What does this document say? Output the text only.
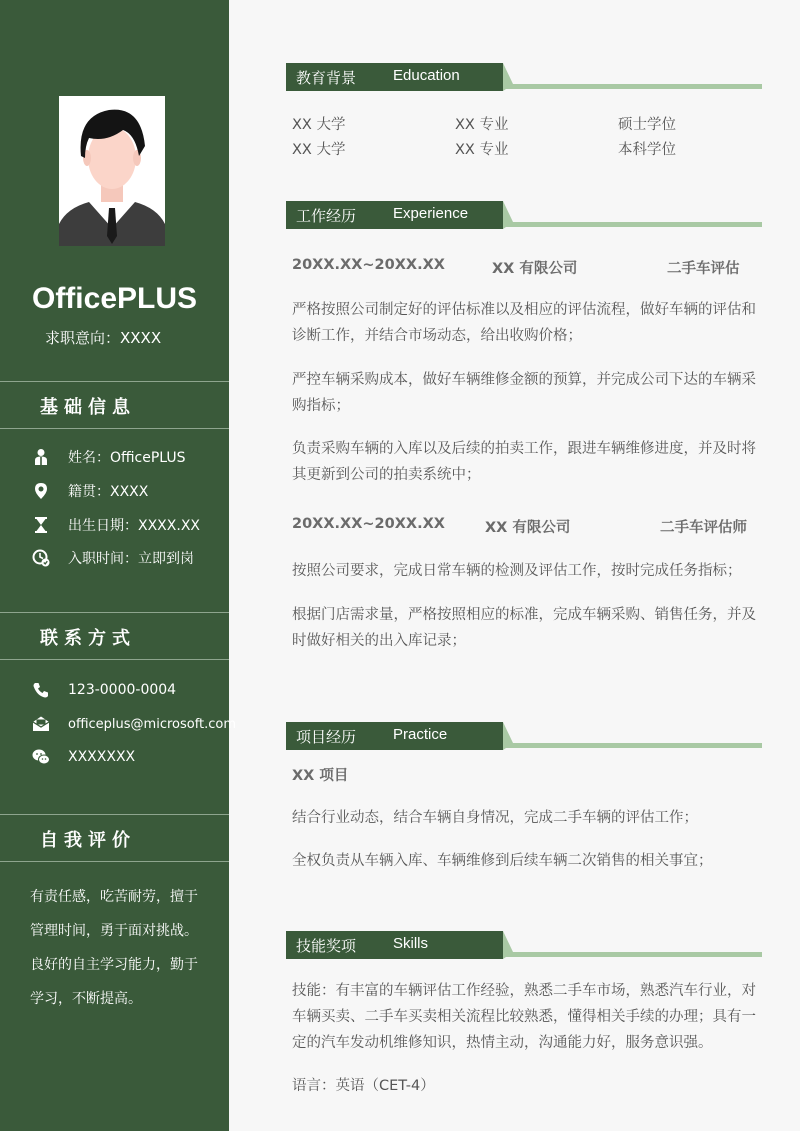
OfficePLUS
求职意向：XXXX
基础信息
姓名：OfficePLUS
籍贯：XXXX
出生日期：XXXX.XX
入职时间：立即到岗
联系方式
123-0000-0004
officeplus@microsoft.com
XXXXXXX
自我评价
有责任感，吃苦耐劳，擅于管理时间，勇于面对挑战。良好的自主学习能力，勤于学习，不断提高。
教育背景 Education
XX 大学	XX 专业	硕士学位
XX 大学	XX 专业	本科学位
工作经历 Experience
20XX.XX~20XX.XX	XX 有限公司	二手车评估
严格按照公司制定好的评估标准以及相应的评估流程，做好车辆的评估和诊断工作，并结合市场动态，给出收购价格；
严控车辆采购成本，做好车辆维修金额的预算，并完成公司下达的车辆采购指标；
负责采购车辆的入库以及后续的拍卖工作，跟进车辆维修进度，并及时将其更新到公司的拍卖系统中；
20XX.XX~20XX.XX	XX 有限公司	二手车评估师
按照公司要求，完成日常车辆的检测及评估工作，按时完成任务指标；
根据门店需求量，严格按照相应的标准，完成车辆采购、销售任务，并及时做好相关的出入库记录；
项目经历 Practice
XX 项目
结合行业动态，结合车辆自身情况，完成二手车辆的评估工作；
全权负责从车辆入库、车辆维修到后续车辆二次销售的相关事宜；
技能奖项 Skills
技能：有丰富的车辆评估工作经验，熟悉二手车市场，熟悉汽车行业，对车辆买卖、二手车买卖相关流程比较熟悉，懂得相关手续的办理；具有一定的汽车发动机维修知识，热情主动，沟通能力好，服务意识强。
语言：英语（CET-4）
